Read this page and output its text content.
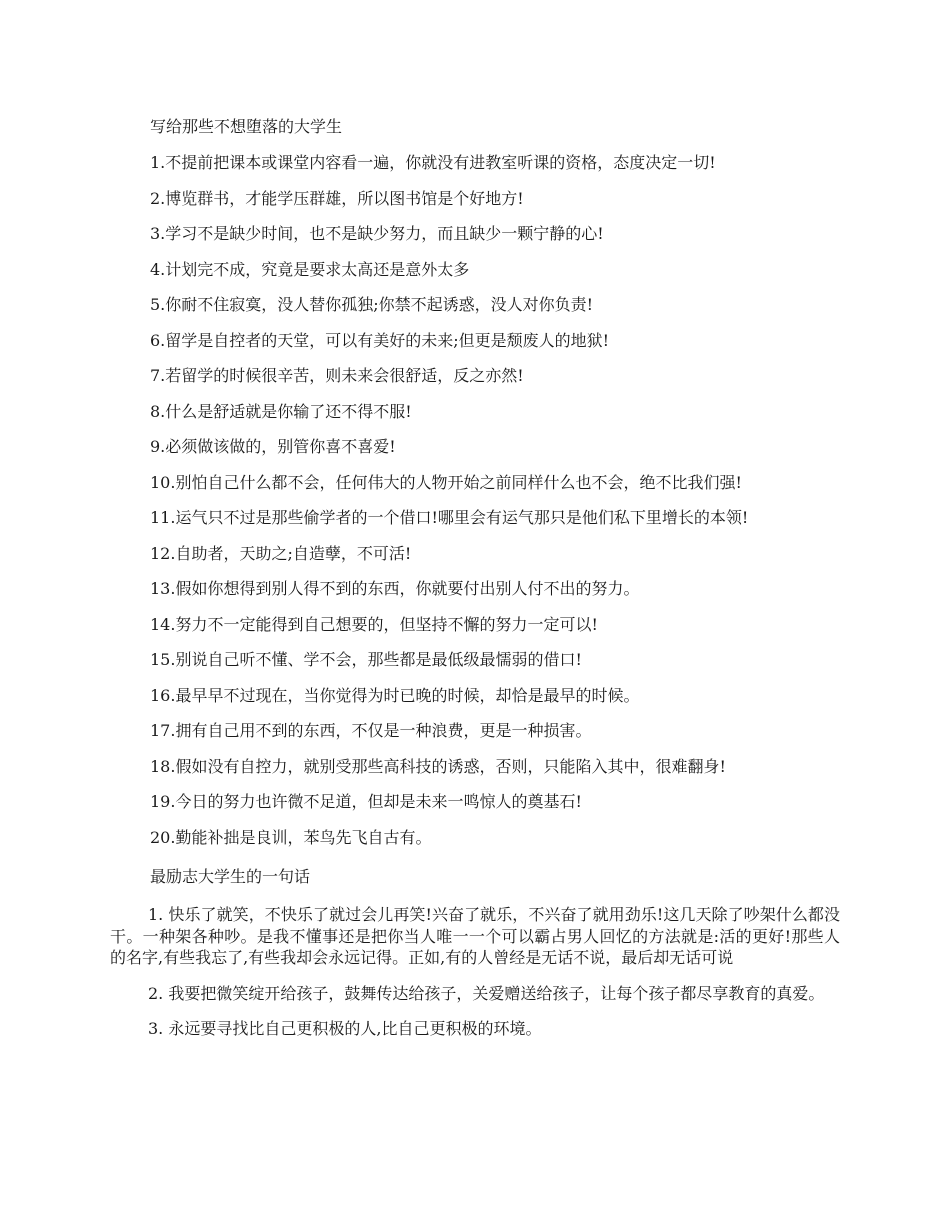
写给那些不想堕落的大学生
1.不提前把课本或课堂内容看一遍，你就没有进教室听课的资格，态度决定一切!
2.博览群书，才能学压群雄，所以图书馆是个好地方!
3.学习不是缺少时间，也不是缺少努力，而且缺少一颗宁静的心!
4.计划完不成，究竟是要求太高还是意外太多
5.你耐不住寂寞，没人替你孤独;你禁不起诱惑，没人对你负责!
6.留学是自控者的天堂，可以有美好的未来;但更是颓废人的地狱!
7.若留学的时候很辛苦，则未来会很舒适，反之亦然!
8.什么是舒适就是你输了还不得不服!
9.必须做该做的，别管你喜不喜爱!
10.别怕自己什么都不会，任何伟大的人物开始之前同样什么也不会，绝不比我们强!
11.运气只不过是那些偷学者的一个借口!哪里会有运气那只是他们私下里增长的本领!
12.自助者，天助之;自造孽，不可活!
13.假如你想得到别人得不到的东西，你就要付出别人付不出的努力。
14.努力不一定能得到自己想要的，但坚持不懈的努力一定可以!
15.别说自己听不懂、学不会，那些都是最低级最懦弱的借口!
16.最早早不过现在，当你觉得为时已晚的时候，却恰是最早的时候。
17.拥有自己用不到的东西，不仅是一种浪费，更是一种损害。
18.假如没有自控力，就别受那些高科技的诱惑，否则，只能陷入其中，很难翻身!
19.今日的努力也许微不足道，但却是未来一鸣惊人的奠基石!
20.勤能补拙是良训，苯鸟先飞自古有。
最励志大学生的一句话

1. 快乐了就笑，不快乐了就过会儿再笑!兴奋了就乐，不兴奋了就用劲乐!这几天除了吵架什么都没干。一种架各种吵。是我不懂事还是把你当人唯一一个可以霸占男人回忆的方法就是:活的更好!那些人的名字,有些我忘了,有些我却会永远记得。正如,有的人曾经是无话不说，最后却无话可说

2. 我要把微笑绽开给孩子，鼓舞传达给孩子，关爱赠送给孩子，让每个孩子都尽享教育的真爱。

3. 永远要寻找比自己更积极的人,比自己更积极的环境。
